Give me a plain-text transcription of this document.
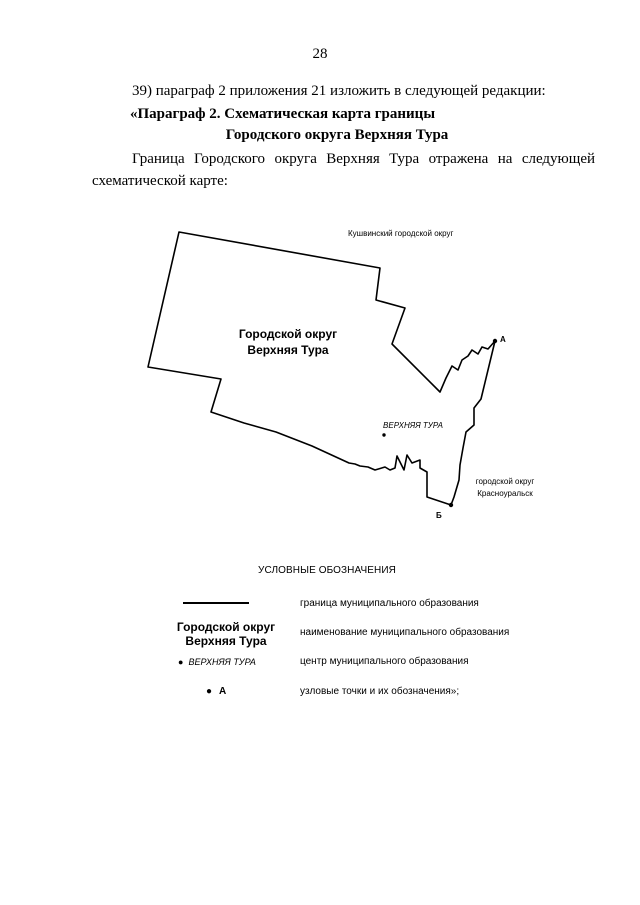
28
39) параграф 2 приложения 21 изложить в следующей редакции:
«Параграф 2. Схематическая карта границы
Городского округа Верхняя Тура
Граница Городского округа Верхняя Тура отражена на следующей схематической карте:
Городской округ
Верхняя Тура
ВЕРХНЯЯ ТУРА
Кушвинский городской округ
городской округ
Красноуральск
А
Б
УСЛОВНЫЕ ОБОЗНАЧЕНИЯ
граница муниципального образования
Городской округ
Верхняя Тура
наименование муниципального образования
● ВЕРХНЯЯ ТУРА	центр муниципального образования
● А	узловые точки и их обозначения»;
